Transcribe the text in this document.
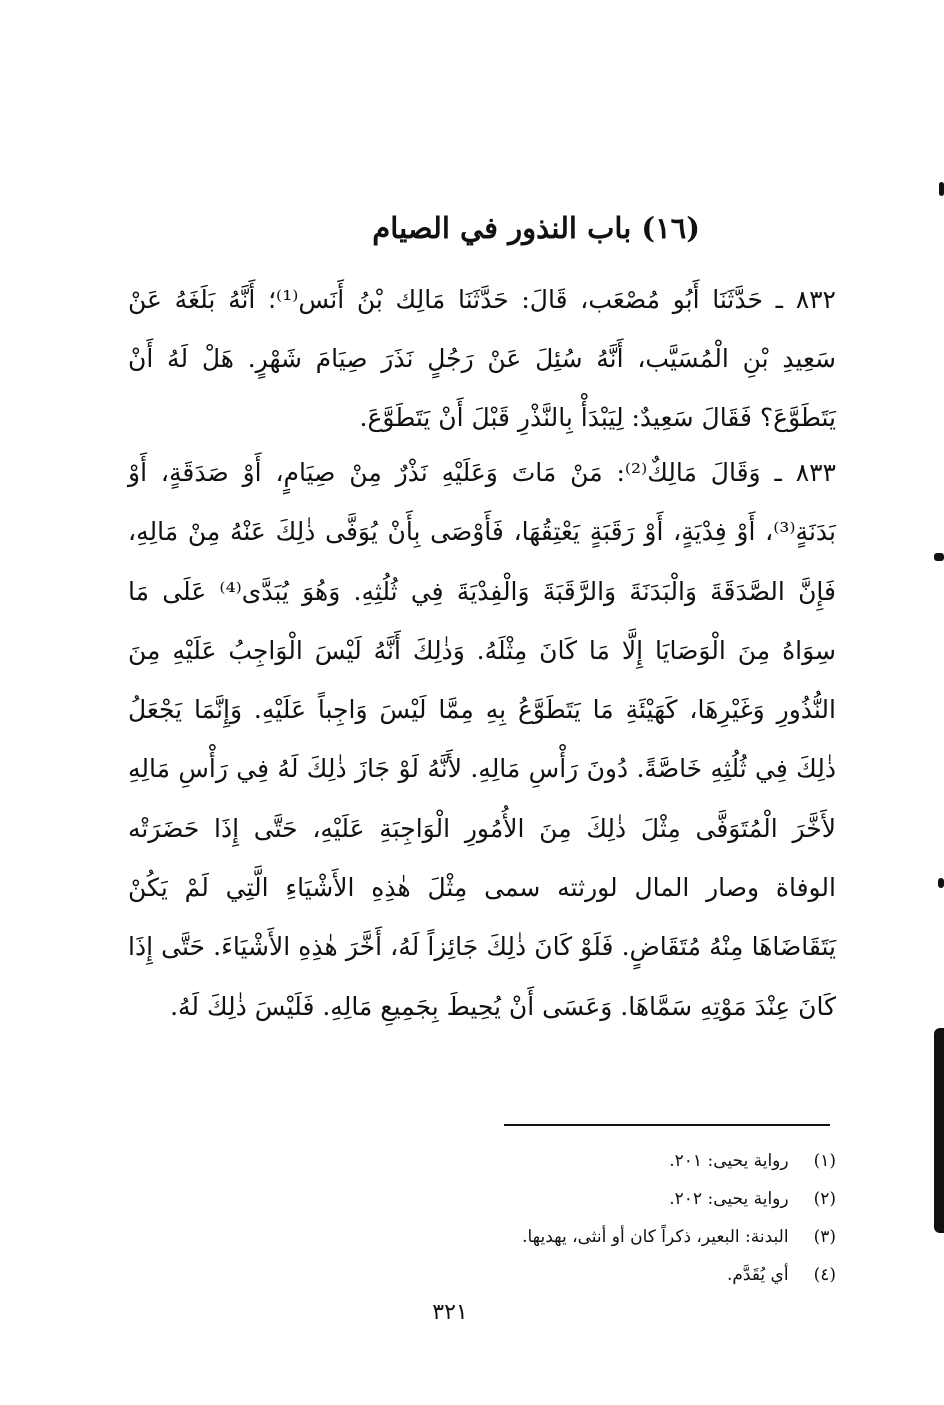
(١٦) باب النذور في الصيام
٨٣٢ ـ حَدَّثَنَا أَبُو مُصْعَب، قَالَ: حَدَّثَنَا مَالِك بْنُ أَنَس⁽¹⁾؛ أَنَّهُ بَلَغَهُ عَنْ سَعِيدِ بْنِ الْمُسَيَّب، أَنَّهُ سُئِلَ عَنْ رَجُلٍ نَذَرَ صِيَامَ شَهْرٍ. هَلْ لَهُ أَنْ يَتَطَوَّعَ؟ فَقَالَ سَعِيدٌ: لِيَبْدَأْ بِالنَّذْرِ قَبْلَ أَنْ يَتَطَوَّعَ.
٨٣٣ ـ وَقَالَ مَالِكٌ⁽²⁾: مَنْ مَاتَ وَعَلَيْهِ نَذْرٌ مِنْ صِيَامٍ، أَوْ صَدَقَةٍ، أَوْ بَدَنَةٍ⁽³⁾، أَوْ فِدْيَةٍ، أَوْ رَقَبَةٍ يَعْتِقُهَا، فَأَوْصَى بِأَنْ يُوَفَّى ذٰلِكَ عَنْهُ مِنْ مَالِهِ، فَإِنَّ الصَّدَقَةَ وَالْبَدَنَةَ وَالرَّقَبَةَ وَالْفِدْيَةَ فِي ثُلُثِهِ. وَهُوَ يُبَدَّى⁽⁴⁾ عَلَى مَا سِوَاهُ مِنَ الْوَصَايَا إِلَّا مَا كَانَ مِثْلَهُ. وَذٰلِكَ أَنَّهُ لَيْسَ الْوَاجِبُ عَلَيْهِ مِنَ النُّذُورِ وَغَيْرِهَا، كَهَيْئَةِ مَا يَتَطَوَّعُ بِهِ مِمَّا لَيْسَ وَاجِباً عَلَيْهِ. وَإِنَّمَا يَجْعَلُ ذٰلِكَ فِي ثُلُثِهِ خَاصَّةً. دُونَ رَأْسِ مَالِهِ. لأَنَّهُ لَوْ جَازَ ذٰلِكَ لَهُ فِي رَأْسِ مَالِهِ لأَخَّرَ الْمُتَوَفَّى مِثْلَ ذٰلِكَ مِنَ الأُمُورِ الْوَاجِبَةِ عَلَيْهِ، حَتَّى إِذَا حَضَرَتْه الوفاة وصار المال لورثته سمى مِثْلَ هٰذِهِ الأَشْيَاءِ الَّتِي لَمْ يَكُنْ يَتَقَاضَاهَا مِنْهُ مُتَقَاضٍ. فَلَوْ كَانَ ذٰلِكَ جَائِزاً لَهُ، أَخَّرَ هٰذِهِ الأَشْيَاءَ. حَتَّى إِذَا كَانَ عِنْدَ مَوْتِهِ سَمَّاهَا. وَعَسَى أَنْ يُحِيطَ بِجَمِيعِ مَالِهِ. فَلَيْسَ ذٰلِكَ لَهُ.
(١) رواية يحيى: ٢٠١.
(٢) رواية يحيى: ٢٠٢.
(٣) البدنة: البعير، ذكراً كان أو أنثى، يهديها.
(٤) أي يُقَدَّم.
٣٢١
